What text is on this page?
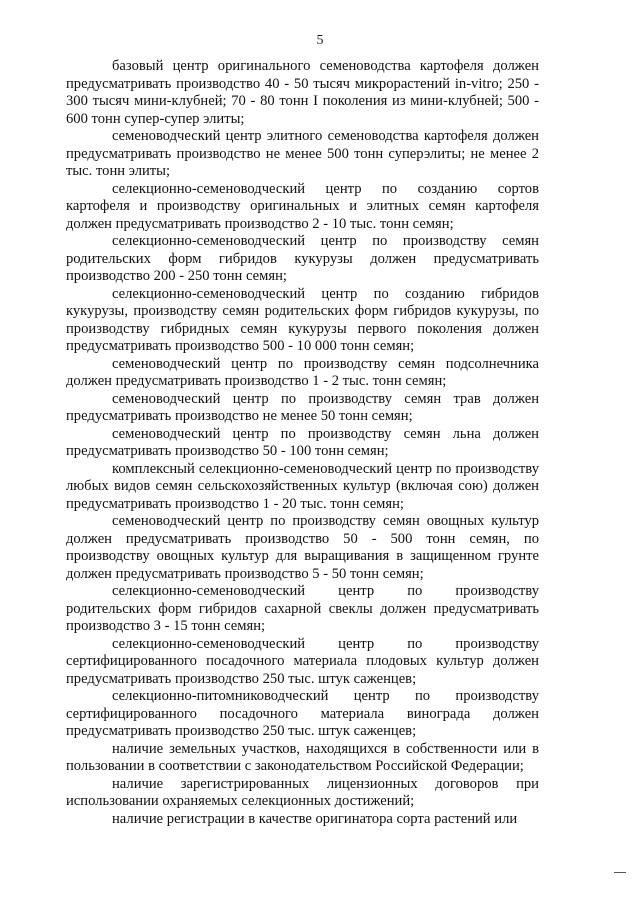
5

базовый центр оригинального семеноводства картофеля должен предусматривать производство 40 - 50 тысяч микрорастений in-vitro; 250 - 300 тысяч мини-клубней; 70 - 80 тонн I поколения из мини-клубней; 500 - 600 тонн супер-супер элиты;

семеноводческий центр элитного семеноводства картофеля должен предусматривать производство не менее 500 тонн суперэлиты; не менее 2 тыс. тонн элиты;

селекционно-семеноводческий центр по созданию сортов картофеля и производству оригинальных и элитных семян картофеля должен предусматривать производство 2 - 10 тыс. тонн семян;

селекционно-семеноводческий центр по производству семян родительских форм гибридов кукурузы должен предусматривать производство 200 - 250 тонн семян;

селекционно-семеноводческий центр по созданию гибридов кукурузы, производству семян родительских форм гибридов кукурузы, по производству гибридных семян кукурузы первого поколения должен предусматривать производство 500 - 10 000 тонн семян;

семеноводческий центр по производству семян подсолнечника должен предусматривать производство 1 - 2 тыс. тонн семян;

семеноводческий центр по производству семян трав должен предусматривать производство не менее 50 тонн семян;

семеноводческий центр по производству семян льна должен предусматривать производство 50 - 100 тонн семян;

комплексный селекционно-семеноводческий центр по производству любых видов семян сельскохозяйственных культур (включая сою) должен предусматривать производство 1 - 20 тыс. тонн семян;

семеноводческий центр по производству семян овощных культур должен предусматривать производство 50 - 500 тонн семян, по производству овощных культур для выращивания в защищенном грунте должен предусматривать производство 5 - 50 тонн семян;

селекционно-семеноводческий центр по производству родительских форм гибридов сахарной свеклы должен предусматривать производство 3 - 15 тонн семян;

селекционно-семеноводческий центр по производству сертифицированного посадочного материала плодовых культур должен предусматривать производство 250 тыс. штук саженцев;

селекционно-питомниководческий центр по производству сертифицированного посадочного материала винограда должен предусматривать производство 250 тыс. штук саженцев;

наличие земельных участков, находящихся в собственности или в пользовании в соответствии с законодательством Российской Федерации;

наличие зарегистрированных лицензионных договоров при использовании охраняемых селекционных достижений;

наличие регистрации в качестве оригинатора сорта растений или
